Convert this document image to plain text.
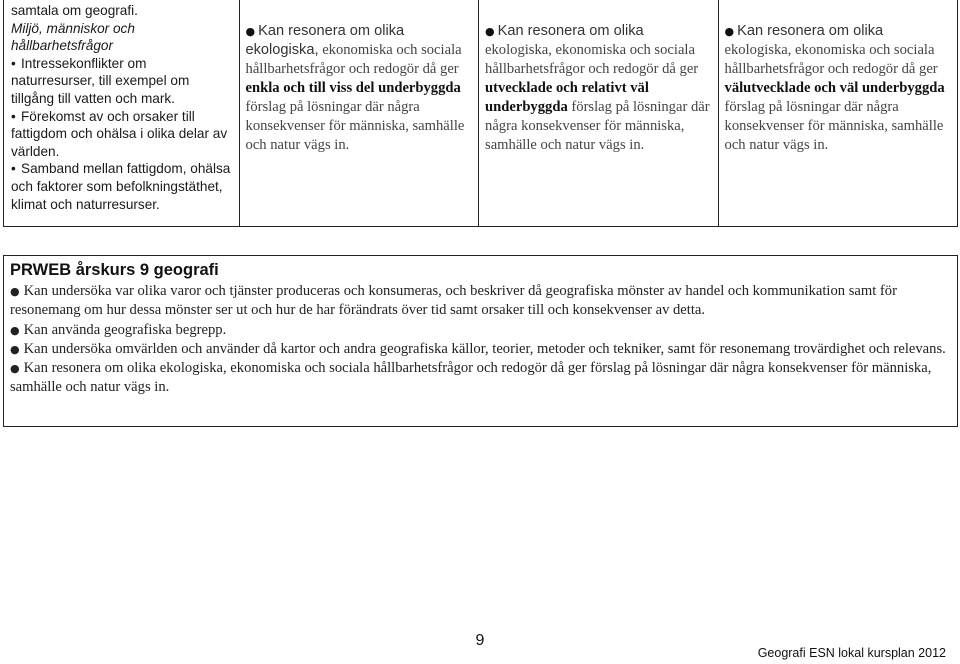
samtala om geografi.
Miljö, människor och
hållbarhetsfrågor
• Intressekonflikter om naturresurser, till exempel om tillgång till vatten och mark.
• Förekomst av och orsaker till fattigdom och ohälsa i olika delar av världen.
• Samband mellan fattigdom, ohälsa och faktorer som befolkningstäthet, klimat och naturresurser.
● Kan resonera om olika ekologiska, ekonomiska och sociala hållbarhetsfrågor och redogör då ger enkla och till viss del underbyggda förslag på lösningar där några konsekvenser för människa, samhälle och natur vägs in.
● Kan resonera om olika ekologiska, ekonomiska och sociala hållbarhetsfrågor och redogör då ger utvecklade och relativt väl underbyggda förslag på lösningar där några konsekvenser för människa, samhälle och natur vägs in.
● Kan resonera om olika ekologiska, ekonomiska och sociala hållbarhetsfrågor och redogör då ger välutvecklade och väl underbyggda förslag på lösningar där några konsekvenser för människa, samhälle och natur vägs in.
PRWEB årskurs 9 geografi
● Kan undersöka var olika varor och tjänster produceras och konsumeras, och beskriver då geografiska mönster av handel och kommunikation samt för resonemang om hur dessa mönster ser ut och hur de har förändrats över tid samt orsaker till och konsekvenser av detta.
● Kan använda geografiska begrepp.
● Kan undersöka omvärlden och använder då kartor och andra geografiska källor, teorier, metoder och tekniker, samt för resonemang trovärdighet och relevans.
● Kan resonera om olika ekologiska, ekonomiska och sociala hållbarhetsfrågor och redogör då ger förslag på lösningar där några konsekvenser för människa, samhälle och natur vägs in.
9
Geografi ESN lokal kursplan 2012
